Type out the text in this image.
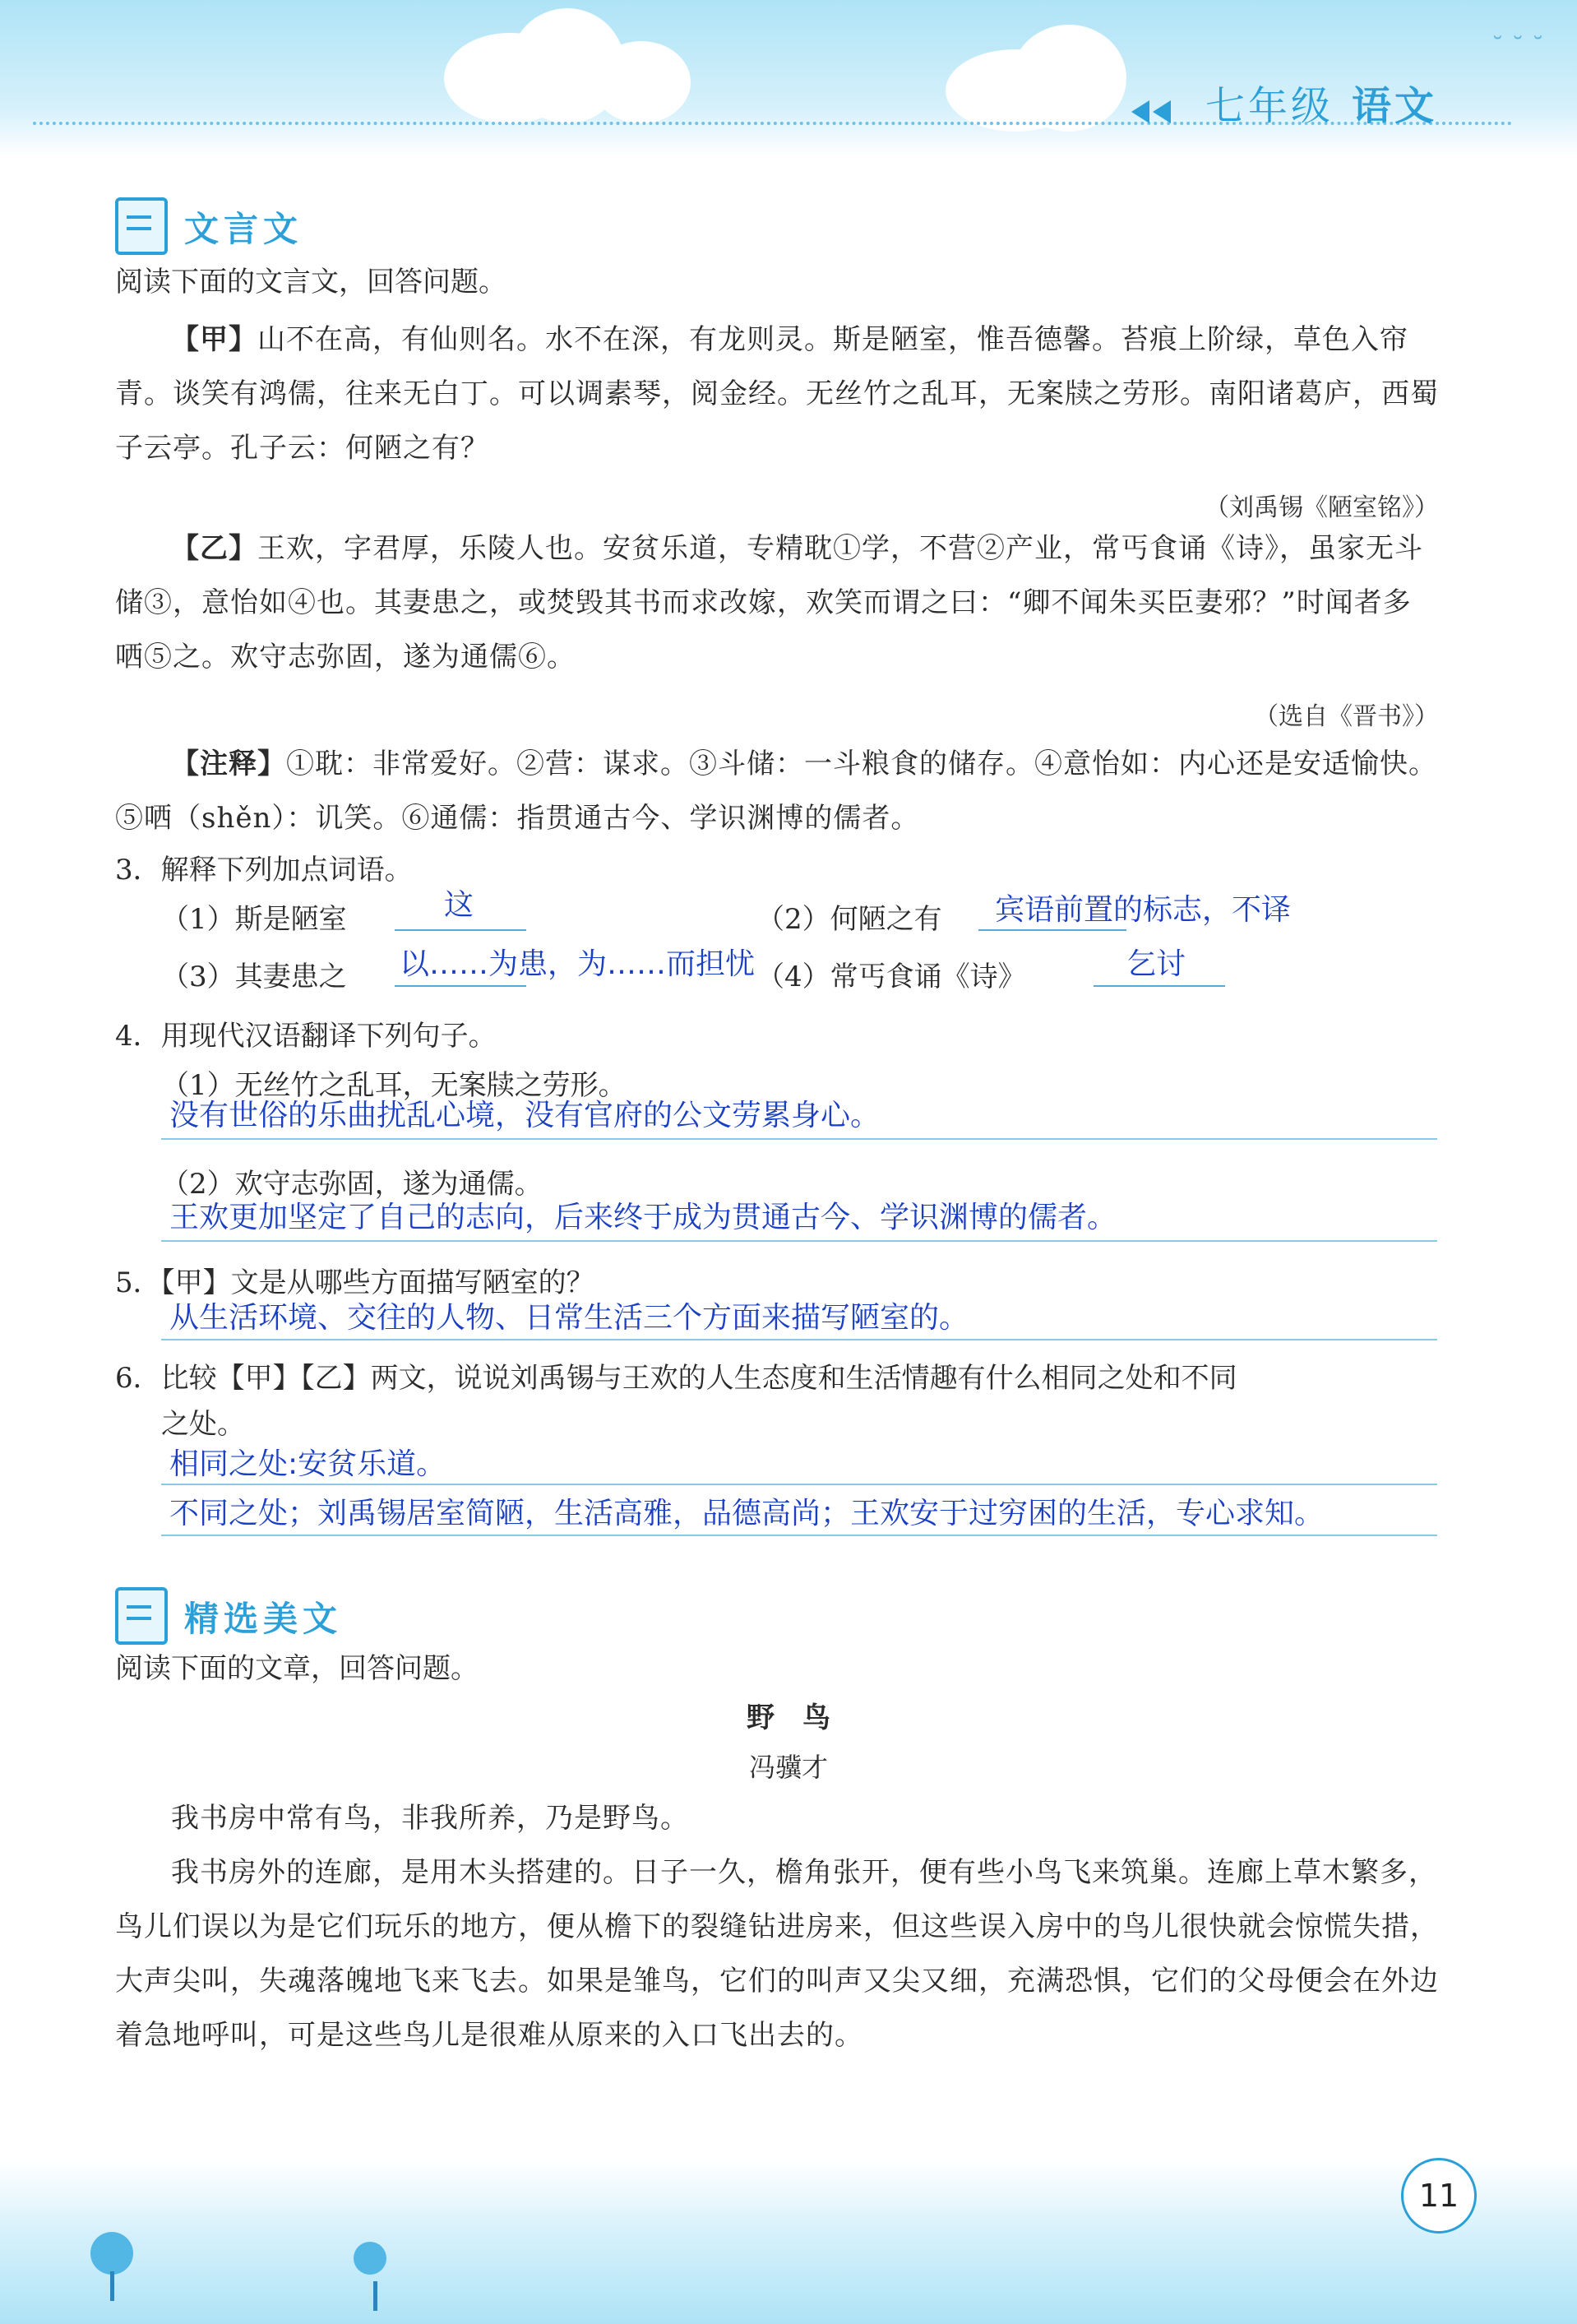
˘ ˘ ˘
七年级 语文
文言文
阅读下面的文言文，回答问题。
【甲】山不在高，有仙则名。水不在深，有龙则灵。斯是陋室，惟吾德馨。苔痕上阶绿，草色入帘青。谈笑有鸿儒，往来无白丁。可以调素琴，阅金经。无丝竹之乱耳，无案牍之劳形。南阳诸葛庐，西蜀子云亭。孔子云：何陋之有？
（刘禹锡《陋室铭》）
【乙】王欢，字君厚，乐陵人也。安贫乐道，专精耽①学，不营②产业，常丐食诵《诗》，虽家无斗储③，意怡如④也。其妻患之，或焚毁其书而求改嫁，欢笑而谓之曰：“卿不闻朱买臣妻邪？”时闻者多哂⑤之。欢守志弥固，遂为通儒⑥。
（选自《晋书》）
【注释】①耽：非常爱好。②营：谋求。③斗储：一斗粮食的储存。④意怡如：内心还是安适愉快。⑤哂（shěn）：讥笑。⑥通儒：指贯通古今、学识渊博的儒者。
3．解释下列加点词语。
（1）斯是陋室	这	（2）何陋之有 宾语前置的标志，不译
（3）其妻患之 以……为患，为……而担忧 （4）常丐食诵《诗》	乞讨
4．用现代汉语翻译下列句子。
（1）无丝竹之乱耳，无案牍之劳形。
没有世俗的乐曲扰乱心境，没有官府的公文劳累身心。
（2）欢守志弥固，遂为通儒。
王欢更加坚定了自己的志向，后来终于成为贯通古今、学识渊博的儒者。
5．【甲】文是从哪些方面描写陋室的？
从生活环境、交往的人物、日常生活三个方面来描写陋室的。
6．比较【甲】【乙】两文，说说刘禹锡与王欢的人生态度和生活情趣有什么相同之处和不同
之处。
相同之处:安贫乐道。
不同之处；刘禹锡居室简陋，生活高雅，品德高尚；王欢安于过穷困的生活，专心求知。
精选美文
阅读下面的文章，回答问题。
野　鸟
冯骥才
我书房中常有鸟，非我所养，乃是野鸟。
我书房外的连廊，是用木头搭建的。日子一久，檐角张开，便有些小鸟飞来筑巢。连廊上草木繁多，鸟儿们误以为是它们玩乐的地方，便从檐下的裂缝钻进房来，但这些误入房中的鸟儿很快就会惊慌失措，大声尖叫，失魂落魄地飞来飞去。如果是雏鸟，它们的叫声又尖又细，充满恐惧，它们的父母便会在外边着急地呼叫，可是这些鸟儿是很难从原来的入口飞出去的。
11
